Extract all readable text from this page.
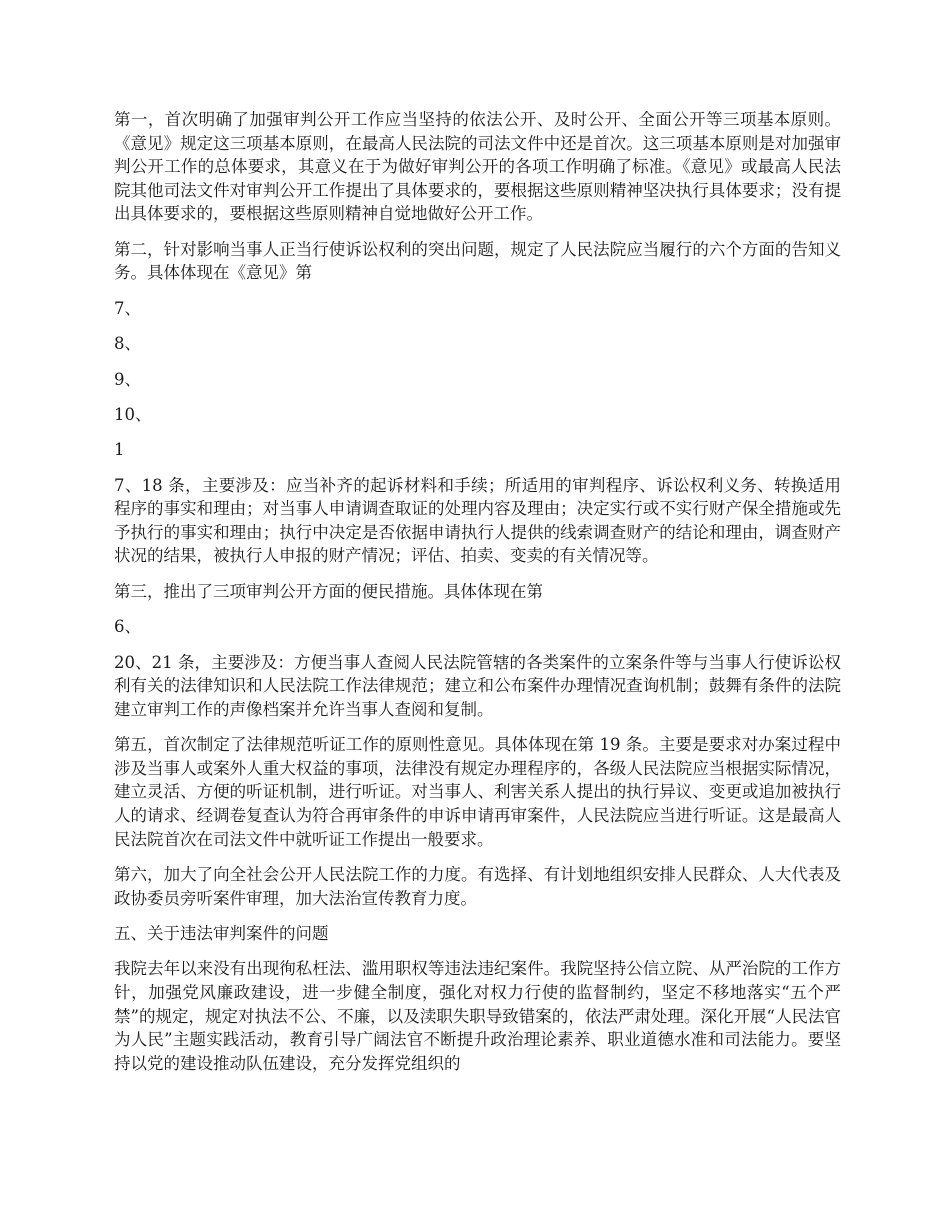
第一，首次明确了加强审判公开工作应当坚持的依法公开、及时公开、全面公开等三项基本原则。《意见》规定这三项基本原则，在最高人民法院的司法文件中还是首次。这三项基本原则是对加强审判公开工作的总体要求，其意义在于为做好审判公开的各项工作明确了标准。《意见》或最高人民法院其他司法文件对审判公开工作提出了具体要求的，要根据这些原则精神坚决执行具体要求；没有提出具体要求的，要根据这些原则精神自觉地做好公开工作。

第二，针对影响当事人正当行使诉讼权利的突出问题，规定了人民法院应当履行的六个方面的告知义务。具体体现在《意见》第

7、

8、

9、

10、

1

7、18 条，主要涉及：应当补齐的起诉材料和手续；所适用的审判程序、诉讼权利义务、转换适用程序的事实和理由；对当事人申请调查取证的处理内容及理由；决定实行或不实行财产保全措施或先予执行的事实和理由；执行中决定是否依据申请执行人提供的线索调查财产的结论和理由，调查财产状况的结果，被执行人申报的财产情况；评估、拍卖、变卖的有关情况等。

第三，推出了三项审判公开方面的便民措施。具体体现在第

6、

20、21 条，主要涉及：方便当事人查阅人民法院管辖的各类案件的立案条件等与当事人行使诉讼权利有关的法律知识和人民法院工作法律规范；建立和公布案件办理情况查询机制；鼓舞有条件的法院建立审判工作的声像档案并允许当事人查阅和复制。

第五，首次制定了法律规范听证工作的原则性意见。具体体现在第 19 条。主要是要求对办案过程中涉及当事人或案外人重大权益的事项，法律没有规定办理程序的，各级人民法院应当根据实际情况，建立灵活、方便的听证机制，进行听证。对当事人、利害关系人提出的执行异议、变更或追加被执行人的请求、经调卷复查认为符合再审条件的申诉申请再审案件，人民法院应当进行听证。这是最高人民法院首次在司法文件中就听证工作提出一般要求。

第六，加大了向全社会公开人民法院工作的力度。有选择、有计划地组织安排人民群众、人大代表及政协委员旁听案件审理，加大法治宣传教育力度。

五、关于违法审判案件的问题

我院去年以来没有出现徇私枉法、滥用职权等违法违纪案件。我院坚持公信立院、从严治院的工作方针，加强党风廉政建设，进一步健全制度，强化对权力行使的监督制约，坚定不移地落实“五个严禁”的规定，规定对执法不公、不廉，以及渎职失职导致错案的，依法严肃处理。深化开展“人民法官为人民”主题实践活动，教育引导广阔法官不断提升政治理论素养、职业道德水准和司法能力。要坚持以党的建设推动队伍建设，充分发挥党组织的
